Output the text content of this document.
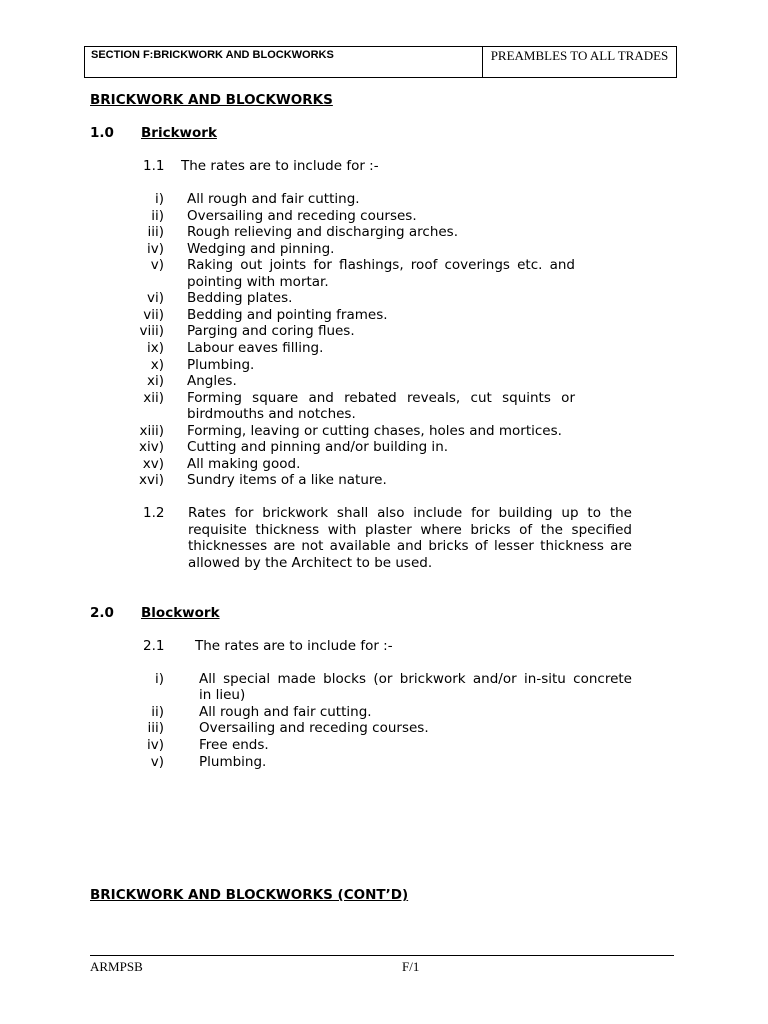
SECTION F:BRICKWORK AND BLOCKWORKS	PREAMBLES TO ALL TRADES
BRICKWORK AND BLOCKWORKS
1.0 Brickwork
1.1 The rates are to include for :-
i) All rough and fair cutting.
ii) Oversailing and receding courses.
iii) Rough relieving and discharging arches.
iv) Wedging and pinning.
v) Raking out joints for flashings, roof coverings etc. and
pointing with mortar.
vi) Bedding plates.
vii) Bedding and pointing frames.
viii) Parging and coring flues.
ix) Labour eaves filling.
x) Plumbing.
xi) Angles.
xii) Forming square and rebated reveals, cut squints or
birdmouths and notches.
xiii) Forming, leaving or cutting chases, holes and mortices.
xiv) Cutting and pinning and/or building in.
xv) All making good.
xvi) Sundry items of a like nature.
1.2 Rates for brickwork shall also include for building up to the
requisite thickness with plaster where bricks of the specified
thicknesses are not available and bricks of lesser thickness are
allowed by the Architect to be used.
2.0 Blockwork
2.1 The rates are to include for :-
i)	All special made blocks (or brickwork and/or in-situ concrete
in lieu)
ii)	All rough and fair cutting.
iii)	Oversailing and receding courses.
iv)	Free ends.
v)	Plumbing.
BRICKWORK AND BLOCKWORKS (CONT’D)
ARMPSB	F/1
